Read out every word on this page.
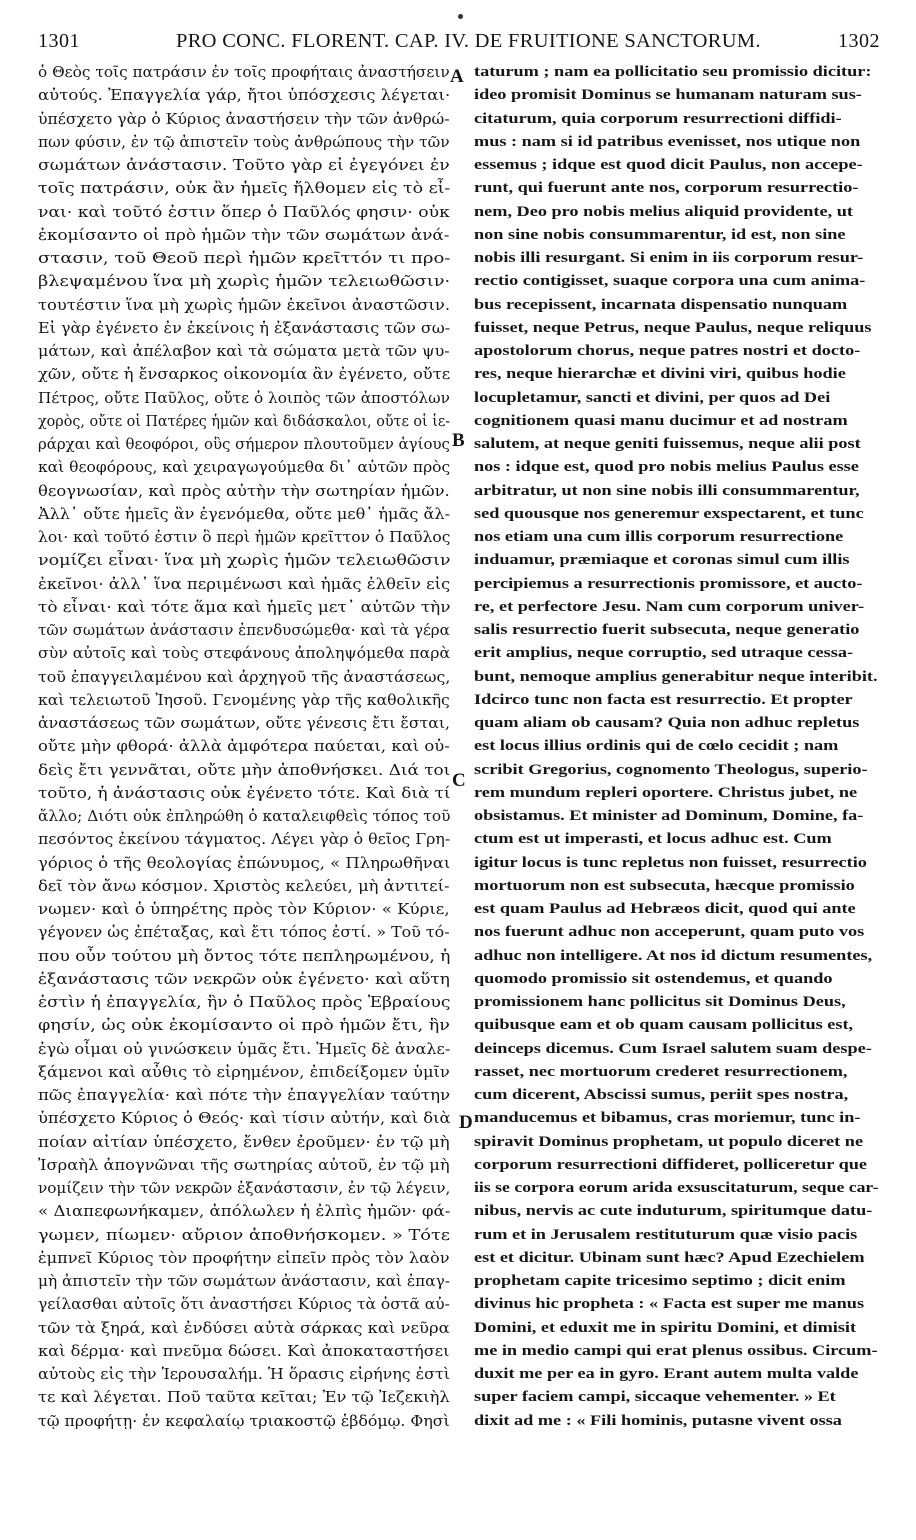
1301	PRO CONC. FLORENT. CAP. IV. DE FRUITIONE SANCTORUM.	1302
ὁ Θεὸς τοῖς πατράσιν ἐν τοῖς προφήταις ἀναστήσειν
αὐτούς. Ἐπαγγελία γάρ, ἤτοι ὑπόσχεσις λέγεται·
ὑπέσχετο γὰρ ὁ Κύριος ἀναστήσειν τὴν τῶν ἀνθρώ-
πων φύσιν, ἐν τῷ ἀπιστεῖν τοὺς ἀνθρώπους τὴν τῶν
σωμάτων ἀνάστασιν. Τοῦτο γὰρ εἰ ἐγεγόνει ἐν
τοῖς πατράσιν, οὐκ ἂν ἡμεῖς ἤλθομεν εἰς τὸ εἶ-
ναι· καὶ τοῦτό ἐστιν ὅπερ ὁ Παῦλός φησιν· οὐκ
ἐκομίσαντο οἱ πρὸ ἡμῶν τὴν τῶν σωμάτων ἀνά-
στασιν, τοῦ Θεοῦ περὶ ἡμῶν κρεῖττόν τι προ-
βλεψαμένου ἵνα μὴ χωρὶς ἡμῶν τελειωθῶσιν·
τουτέστιν ἵνα μὴ χωρὶς ἡμῶν ἐκεῖνοι ἀναστῶσιν.
Εἰ γὰρ ἐγένετο ἐν ἐκείνοις ἡ ἐξανάστασις τῶν σω-
μάτων, καὶ ἀπέλαβον καὶ τὰ σώματα μετὰ τῶν ψυ-
χῶν, οὔτε ἡ ἔνσαρκος οἰκονομία ἂν ἐγένετο, οὔτε
Πέτρος, οὔτε Παῦλος, οὔτε ὁ λοιπὸς τῶν ἀποστόλων
χορὸς, οὔτε οἱ Πατέρες ἡμῶν καὶ διδάσκαλοι, οὔτε οἱ ἱε-
ράρχαι καὶ θεοφόροι, οὓς σήμερον πλουτοῦμεν ἁγίους
καὶ θεοφόρους, καὶ χειραγωγούμεθα δι᾽ αὐτῶν πρὸς
θεογνωσίαν, καὶ πρὸς αὐτὴν τὴν σωτηρίαν ἡμῶν.
Ἀλλ᾽ οὔτε ἡμεῖς ἂν ἐγενόμεθα, οὔτε μεθ᾽ ἡμᾶς ἄλ-
λοι· καὶ τοῦτό ἐστιν ὃ περὶ ἡμῶν κρεῖττον ὁ Παῦλος
νομίζει εἶναι· ἵνα μὴ χωρὶς ἡμῶν τελειωθῶσιν
ἐκεῖνοι· ἀλλ᾽ ἵνα περιμένωσι καὶ ἡμᾶς ἐλθεῖν εἰς
τὸ εἶναι· καὶ τότε ἅμα καὶ ἡμεῖς μετ᾽ αὐτῶν τὴν
τῶν σωμάτων ἀνάστασιν ἐπενδυσώμεθα· καὶ τὰ γέρα
σὺν αὐτοῖς καὶ τοὺς στεφάνους ἀποληψόμεθα παρὰ
τοῦ ἐπαγγειλαμένου καὶ ἀρχηγοῦ τῆς ἀναστάσεως,
καὶ τελειωτοῦ Ἰησοῦ. Γενομένης γὰρ τῆς καθολικῆς
ἀναστάσεως τῶν σωμάτων, οὔτε γένεσις ἔτι ἔσται,
οὔτε μὴν φθορά· ἀλλὰ ἀμφότερα παύεται, καὶ οὐ-
δεὶς ἔτι γεννᾶται, οὔτε μὴν ἀποθνήσκει. Διά τοι
τοῦτο, ἡ ἀνάστασις οὐκ ἐγένετο τότε. Καὶ διὰ τί
ἄλλο; Διότι οὐκ ἐπληρώθη ὁ καταλειφθεὶς τόπος τοῦ
πεσόντος ἐκείνου τάγματος. Λέγει γὰρ ὁ θεῖος Γρη-
γόριος ὁ τῆς θεολογίας ἐπώνυμος, « Πληρωθῆναι
δεῖ τὸν ἄνω κόσμον. Χριστὸς κελεύει, μὴ ἀντιτεί-
νωμεν· καὶ ὁ ὑπηρέτης πρὸς τὸν Κύριον· « Κύριε,
γέγονεν ὡς ἐπέταξας, καὶ ἔτι τόπος ἐστί. » Τοῦ τό-
που οὖν τούτου μὴ ὄντος τότε πεπληρωμένου, ἡ
ἐξανάστασις τῶν νεκρῶν οὐκ ἐγένετο· καὶ αὕτη
ἐστὶν ἡ ἐπαγγελία, ἣν ὁ Παῦλος πρὸς Ἑβραίους
φησίν, ὡς οὐκ ἐκομίσαντο οἱ πρὸ ἡμῶν ἔτι, ἣν
ἐγὼ οἶμαι οὐ γινώσκειν ὑμᾶς ἔτι. Ἡμεῖς δὲ ἀναλε-
ξάμενοι καὶ αὖθις τὸ εἰρημένον, ἐπιδείξομεν ὑμῖν
πῶς ἐπαγγελία· καὶ πότε τὴν ἐπαγγελίαν ταύτην
ὑπέσχετο Κύριος ὁ Θεός· καὶ τίσιν αὐτήν, καὶ διὰ
ποίαν αἰτίαν ὑπέσχετο, ἔνθεν ἐροῦμεν· ἐν τῷ μὴ
Ἰσραὴλ ἀπογνῶναι τῆς σωτηρίας αὐτοῦ, ἐν τῷ μὴ
νομίζειν τὴν τῶν νεκρῶν ἐξανάστασιν, ἐν τῷ λέγειν,
« Διαπεφωνήκαμεν, ἀπόλωλεν ἡ ἐλπὶς ἡμῶν· φά-
γωμεν, πίωμεν· αὔριον ἀποθνήσκομεν. » Τότε
ἐμπνεῖ Κύριος τὸν προφήτην εἰπεῖν πρὸς τὸν λαὸν
μὴ ἀπιστεῖν τὴν τῶν σωμάτων ἀνάστασιν, καὶ ἐπαγ-
γείλασθαι αὐτοῖς ὅτι ἀναστήσει Κύριος τὰ ὀστᾶ αὐ-
τῶν τὰ ξηρά, καὶ ἐνδύσει αὐτὰ σάρκας καὶ νεῦρα
καὶ δέρμα· καὶ πνεῦμα δώσει. Καὶ ἀποκαταστήσει
αὐτοὺς εἰς τὴν Ἱερουσαλήμ. Ἡ ὅρασις εἰρήνης ἐστὶ
τε καὶ λέγεται. Ποῦ ταῦτα κεῖται; Ἐν τῷ Ἰεζεκιὴλ
τῷ προφήτῃ· ἐν κεφαλαίῳ τριακοστῷ ἑβδόμῳ. Φησὶ
A
B
C
D
taturum ; nam ea pollicitatio seu promissio dicitur:
ideo promisit Dominus se humanam naturam sus-
citaturum, quia corporum resurrectioni diffidi-
mus : nam si id patribus evenisset, nos utique non
essemus ; idque est quod dicit Paulus, non accepe-
runt, qui fuerunt ante nos, corporum resurrectio-
nem, Deo pro nobis melius aliquid providente, ut
non sine nobis consummarentur, id est, non sine
nobis illi resurgant. Si enim in iis corporum resur-
rectio contigisset, suaque corpora una cum anima-
bus recepissent, incarnata dispensatio nunquam
fuisset, neque Petrus, neque Paulus, neque reliquus
apostolorum chorus, neque patres nostri et docto-
res, neque hierarchæ et divini viri, quibus hodie
locupletamur, sancti et divini, per quos ad Dei
cognitionem quasi manu ducimur et ad nostram
salutem, at neque geniti fuissemus, neque alii post
nos : idque est, quod pro nobis melius Paulus esse
arbitratur, ut non sine nobis illi consummarentur,
sed quousque nos generemur exspectarent, et tunc
nos etiam una cum illis corporum resurrectione
induamur, præmiaque et coronas simul cum illis
percipiemus a resurrectionis promissore, et aucto-
re, et perfectore Jesu. Nam cum corporum univer-
salis resurrectio fuerit subsecuta, neque generatio
erit amplius, neque corruptio, sed utraque cessa-
bunt, nemoque amplius generabitur neque interibit.
Idcirco tunc non facta est resurrectio. Et propter
quam aliam ob causam? Quia non adhuc repletus
est locus illius ordinis qui de cœlo cecidit ; nam
scribit Gregorius, cognomento Theologus, superio-
rem mundum repleri oportere. Christus jubet, ne
obsistamus. Et minister ad Dominum, Domine, fa-
ctum est ut imperasti, et locus adhuc est. Cum
igitur locus is tunc repletus non fuisset, resurrectio
mortuorum non est subsecuta, hæcque promissio
est quam Paulus ad Hebræos dicit, quod qui ante
nos fuerunt adhuc non acceperunt, quam puto vos
adhuc non intelligere. At nos id dictum resumentes,
quomodo promissio sit ostendemus, et quando
promissionem hanc pollicitus sit Dominus Deus,
quibusque eam et ob quam causam pollicitus est,
deinceps dicemus. Cum Israel salutem suam despe-
rasset, nec mortuorum crederet resurrectionem,
cum dicerent, Abscissi sumus, periit spes nostra,
manducemus et bibamus, cras moriemur, tunc in-
spiravit Dominus prophetam, ut populo diceret ne
corporum resurrectioni diffideret, polliceretur que
iis se corpora eorum arida exsuscitaturum, seque car-
nibus, nervis ac cute induturum, spiritumque datu-
rum et in Jerusalem restituturum quæ visio pacis
est et dicitur. Ubinam sunt hæc? Apud Ezechielem
prophetam capite tricesimo septimo ; dicit enim
divinus hic propheta : « Facta est super me manus
Domini, et eduxit me in spiritu Domini, et dimisit
me in medio campi qui erat plenus ossibus. Circum-
duxit me per ea in gyro. Erant autem multa valde
super faciem campi, siccaque vehementer. » Et
dixit ad me : « Fili hominis, putasne vivent ossa
